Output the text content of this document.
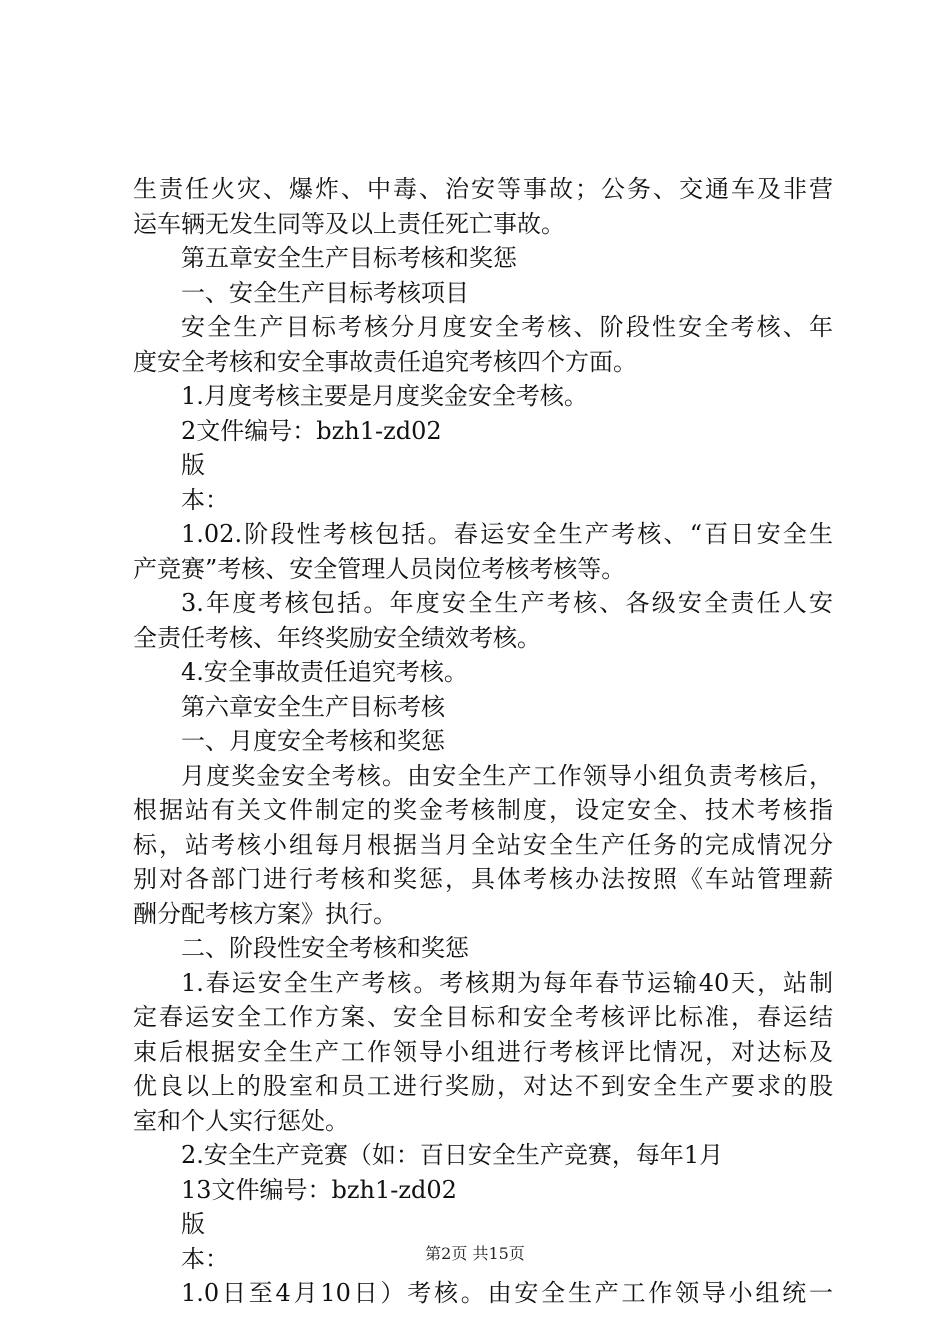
生责任火灾、爆炸、中毒、治安等事故；公务、交通车及非营
运车辆无发生同等及以上责任死亡事故。
第五章安全生产目标考核和奖惩
一、安全生产目标考核项目
安全生产目标考核分月度安全考核、阶段性安全考核、年
度安全考核和安全事故责任追究考核四个方面。
1.月度考核主要是月度奖金安全考核。
2文件编号：bzh1-zd02
版
本：
1.02.阶段性考核包括。春运安全生产考核、“百日安全生
产竞赛”考核、安全管理人员岗位考核考核等。
3.年度考核包括。年度安全生产考核、各级安全责任人安
全责任考核、年终奖励安全绩效考核。
4.安全事故责任追究考核。
第六章安全生产目标考核
一、月度安全考核和奖惩
月度奖金安全考核。由安全生产工作领导小组负责考核后，
根据站有关文件制定的奖金考核制度，设定安全、技术考核指
标，站考核小组每月根据当月全站安全生产任务的完成情况分
别对各部门进行考核和奖惩，具体考核办法按照《车站管理薪
酬分配考核方案》执行。
二、阶段性安全考核和奖惩
1.春运安全生产考核。考核期为每年春节运输40天，站制
定春运安全工作方案、安全目标和安全考核评比标准，春运结
束后根据安全生产工作领导小组进行考核评比情况，对达标及
优良以上的股室和员工进行奖励，对达不到安全生产要求的股
室和个人实行惩处。
2.安全生产竞赛（如：百日安全生产竞赛，每年1月
13文件编号：bzh1-zd02
版
本：
1.0日至4月10日）考核。由安全生产工作领导小组统一
第2页 共15页
